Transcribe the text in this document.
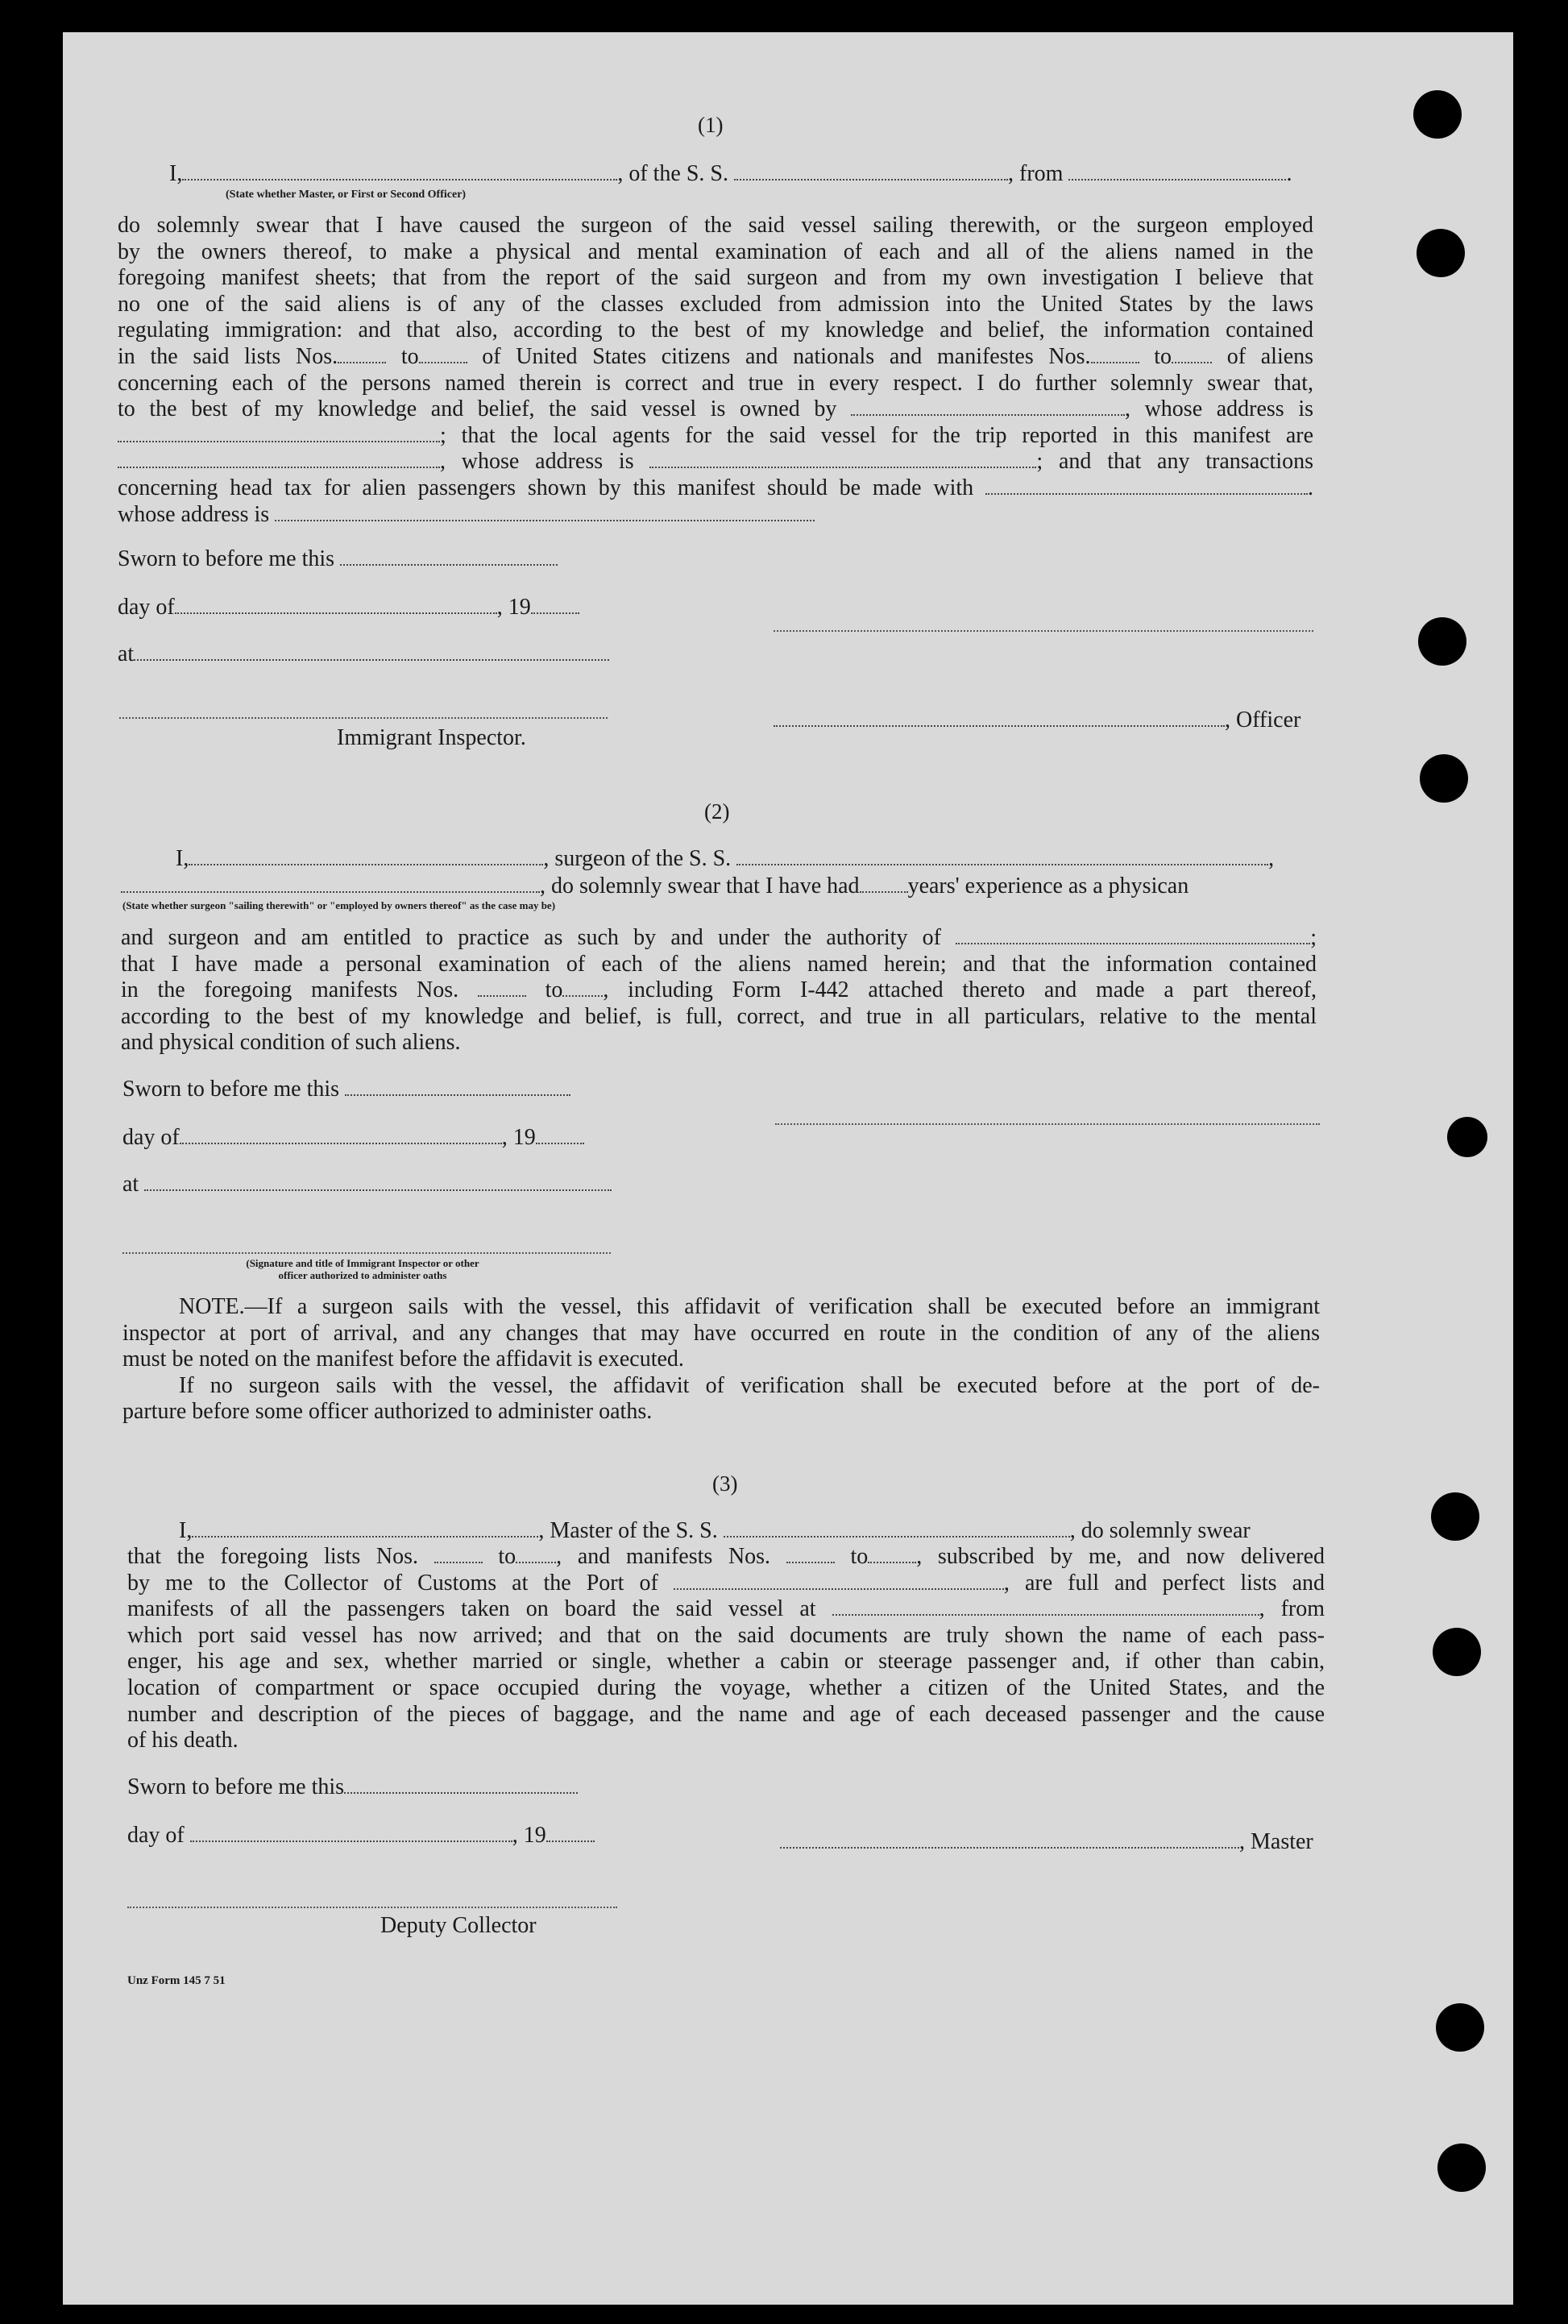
(1)
I,	, of the S. S.	, from	.
(State whether Master, or First or Second Officer)
do solemnly swear that I have caused the surgeon of the said vessel sailing therewith, or the surgeon employed
by the owners thereof, to make a physical and mental examination of each and all of the aliens named in the
foregoing manifest sheets; that from the report of the said surgeon and from my own investigation I believe that
no one of the said aliens is of any of the classes excluded from admission into the United States by the laws
regulating immigration: and that also, according to the best of my knowledge and belief, the information contained
in the said lists Nos.	to	of United States citizens and nationals and manifestes Nos.	to of aliens
concerning each of the persons named therein is correct and true in every respect. I do further solemnly swear that,
to the best of my knowledge and belief, the said vessel is owned by	, whose address is
; that the local agents for the said vessel for the trip reported in this manifest are
, whose address is	; and that any transactions
concerning head tax for alien passengers shown by this manifest should be made with	.
whose address is
Sworn to before me this
day of	, 19
at
, Officer
Immigrant Inspector.
(2)
I,	, surgeon of the S. S.	,
, do solemnly swear that I have had years' experience as a physican
(State whether surgeon "sailing therewith" or "employed by owners thereof" as the case may be)
and surgeon and am entitled to practice as such by and under the authority of	;
that I have made a personal examination of each of the aliens named herein; and that the information contained
in the foregoing manifests Nos.	to , including Form I-442 attached thereto and made a part thereof,
according to the best of my knowledge and belief, is full, correct, and true in all particulars, relative to the mental
and physical condition of such aliens.
Sworn to before me this
day of	, 19
at
(Signature and title of Immigrant Inspector or other
officer authorized to administer oaths
NOTE.—If a surgeon sails with the vessel, this affidavit of verification shall be executed before an immigrant
inspector at port of arrival, and any changes that may have occurred en route in the condition of any of the aliens
must be noted on the manifest before the affidavit is executed.
If no surgeon sails with the vessel, the affidavit of verification shall be executed before at the port of de-
parture before some officer authorized to administer oaths.
(3)
I,	, Master of the S. S.	, do solemnly swear
that the foregoing lists Nos.	to , and manifests Nos.	to , subscribed by me, and now delivered
by me to the Collector of Customs at the Port of	, are full and perfect lists and
manifests of all the passengers taken on board the said vessel at	, from
which port said vessel has now arrived; and that on the said documents are truly shown the name of each pass-
enger, his age and sex, whether married or single, whether a cabin or steerage passenger and, if other than cabin,
location of compartment or space occupied during the voyage, whether a citizen of the United States, and the
number and description of the pieces of baggage, and the name and age of each deceased passenger and the cause
of his death.
Sworn to before me this
day of	, 19	, Master
Deputy Collector
Unz Form 145 7 51
